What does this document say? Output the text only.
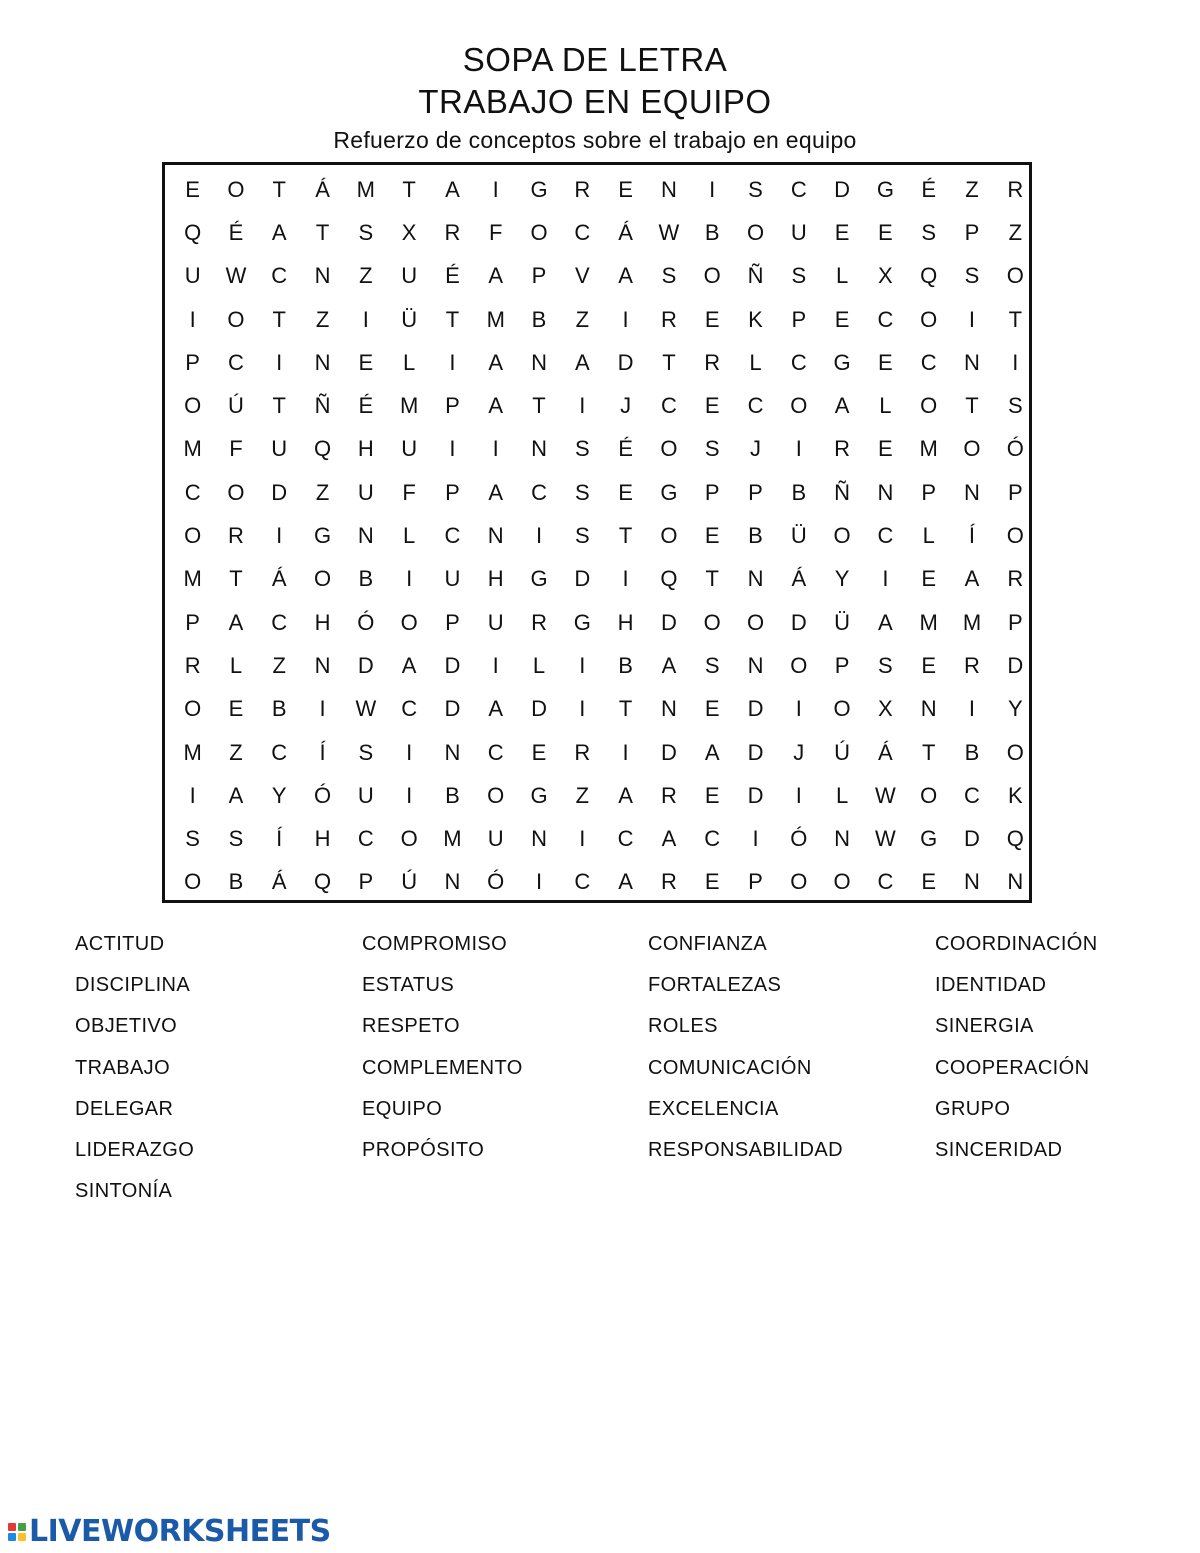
SOPA DE LETRA
TRABAJO EN EQUIPO
Refuerzo de conceptos sobre el trabajo en equipo
E	O	T	Á	M	T	A	I	G	R	E	N	I	S	C	D	G	É	Z	R
Q	É	A	T	S	X	R	F	O	C	Á	W	B	O	U	E	E	S	P	Z
U	W	C	N	Z	U	É	A	P	V	A	S	O	Ñ	S	L	X	Q	S	O
I	O	T	Z	I	Ü	T	M	B	Z	I	R	E	K	P	E	C	O	I	T
P	C	I	N	E	L	I	A	N	A	D	T	R	L	C	G	E	C	N	I
O	Ú	T	Ñ	É	M	P	A	T	I	J	C	E	C	O	A	L	O	T	S
M	F	U	Q	H	U	I	I	N	S	É	O	S	J	I	R	E	M	O	Ó
C	O	D	Z	U	F	P	A	C	S	E	G	P	P	B	Ñ	N	P	N	P
O	R	I	G	N	L	C	N	I	S	T	O	E	B	Ü	O	C	L	Í	O
M	T	Á	O	B	I	U	H	G	D	I	Q	T	N	Á	Y	I	E	A	R
P	A	C	H	Ó	O	P	U	R	G	H	D	O	O	D	Ü	A	M	M	P
R	L	Z	N	D	A	D	I	L	I	B	A	S	N	O	P	S	E	R	D
O	E	B	I	W	C	D	A	D	I	T	N	E	D	I	O	X	N	I	Y
M	Z	C	Í	S	I	N	C	E	R	I	D	A	D	J	Ú	Á	T	B	O
I	A	Y	Ó	U	I	B	O	G	Z	A	R	E	D	I	L	W	O	C	K
S	S	Í	H	C	O	M	U	N	I	C	A	C	I	Ó	N	W	G	D	Q
O	B	Á	Q	P	Ú	N	Ó	I	C	A	R	E	P	O	O	C	E	N	N
ACTITUD	COMPROMISO	CONFIANZA	COORDINACIÓN
DISCIPLINA	ESTATUS	FORTALEZAS	IDENTIDAD
OBJETIVO	RESPETO	ROLES	SINERGIA
TRABAJO	COMPLEMENTO	COMUNICACIÓN	COOPERACIÓN
DELEGAR	EQUIPO	EXCELENCIA	GRUPO
LIDERAZGO	PROPÓSITO	RESPONSABILIDAD	SINCERIDAD
SINTONÍA
LIVEWORKSHEETS
